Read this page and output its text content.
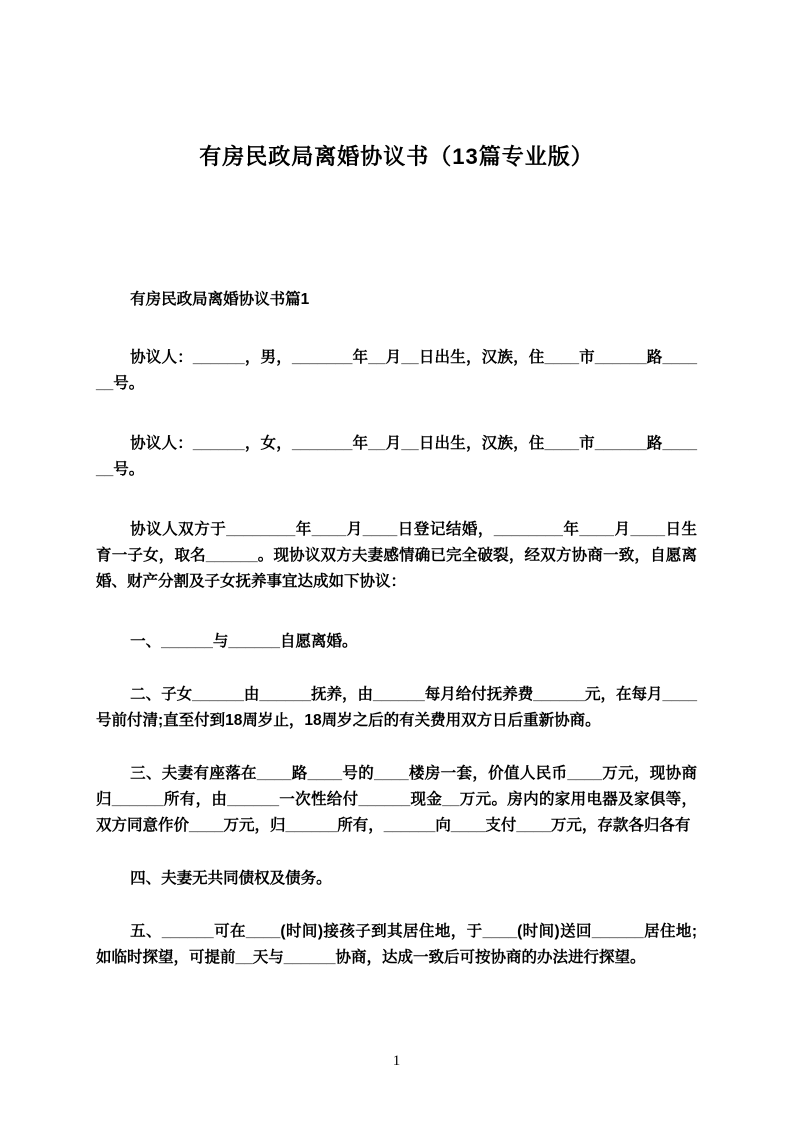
有房民政局离婚协议书（13篇专业版）
有房民政局离婚协议书篇1

协议人：______，男，_______年__月__日出生，汉族，住____市______路______号。

协议人：______，女，_______年__月__日出生，汉族，住____市______路______号。

协议人双方于________年____月____日登记结婚，________年____月____日生育一子女，取名______。现协议双方夫妻感情确已完全破裂，经双方协商一致，自愿离婚、财产分割及子女抚养事宜达成如下协议：

一、______与______自愿离婚。

二、子女______由______抚养，由______每月给付抚养费______元，在每月____号前付清;直至付到18周岁止，18周岁之后的有关费用双方日后重新协商。

三、夫妻有座落在____路____号的____楼房一套，价值人民币____万元，现协商归______所有，由______一次性给付______现金__万元。房内的家用电器及家俱等，双方同意作价____万元，归______所有，______向____支付____万元，存款各归各有

四、夫妻无共同债权及债务。

五、______可在____(时间)接孩子到其居住地，于____(时间)送回______居住地;如临时探望，可提前__天与______协商，达成一致后可按协商的办法进行探望。

1
